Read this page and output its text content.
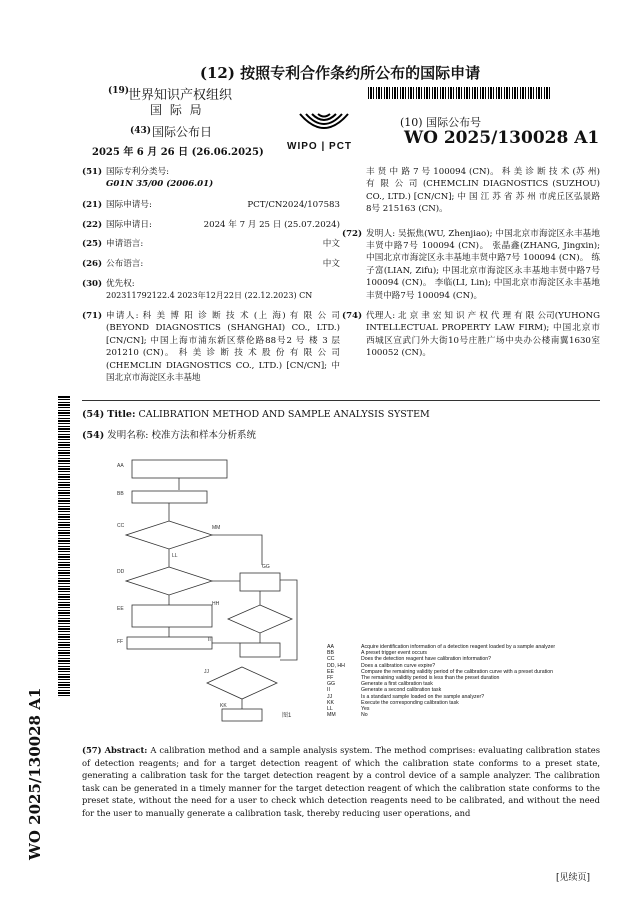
(12) 按照专利合作条约所公布的国际申请
(19)
世界知识产权组织
国 际 局
(43) 国际公布日
2025 年 6 月 26 日 (26.06.2025)
WIPO | PCT
(10) 国际公布号
WO 2025/130028 A1
(51) 国际专利分类号:
G01N 35/00 (2006.01)
(21) 国际申请号:	PCT/CN2024/107583
(22) 国际申请日:	2024 年 7 月 25 日 (25.07.2024)
(25) 申请语言:	中文
(26) 公布语言:	中文
(30) 优先权:
202311792122.4 2023年12月22日 (22.12.2023) CN
(71) 申请人: 科 美 博 阳 诊 断 技 术 (上 海) 有 限 公 司 (BEYOND DIAGNOSTICS (SHANGHAI) CO., LTD.) [CN/CN]; 中国上海市浦东新区蔡伦路88号2 号 楼 3 层 201210 (CN)。 科 美 诊 断 技 术 股 份 有 限 公 司 (CHEMCLIN DIAGNOSTICS CO., LTD.) [CN/CN]; 中国北京市海淀区永丰基地
丰 贤 中 路 7 号 100094 (CN)。 科 美 诊 断 技 术 (苏 州) 有 限 公 司 (CHEMCLIN DIAGNOSTICS (SUZHOU) CO., LTD.) [CN/CN]; 中 国 江 苏 省 苏 州 市虎丘区弘景路8号 215163 (CN)。
(72) 发明人: 吴振焦(WU, Zhenjiao); 中国北京市海淀区永丰基地丰贤中路7号 100094 (CN)。 张晶鑫(ZHANG, Jingxin); 中国北京市海淀区永丰基地丰贤中路7号 100094 (CN)。 练子富(LIAN, Zifu); 中国北京市海淀区永丰基地丰贤中路7号 100094 (CN)。 李临(LI, Lin); 中国北京市海淀区永丰基地丰贤中路7号 100094 (CN)。
(74) 代理人: 北 京 聿 宏 知 识 产 权 代 理 有 限 公司(YUHONG INTELLECTUAL PROPERTY LAW FIRM); 中国北京市西城区宣武门外大街10号庄胜广场中央办公楼南翼1630室 100052 (CN)。
WO 2025/130028 A1
(54) Title: CALIBRATION METHOD AND SAMPLE ANALYSIS SYSTEM
(54) 发明名称: 校准方法和样本分析系统
AA
BB
CC
DD
EE
FF
GG
HH
II
JJ
KK
LL
MM
图1
AA	Acquire identification information of a detection reagent loaded by a sample analyzer
BB	A preset trigger event occurs
CC	Does the detection reagent have calibration information?
DD, HH	Does a calibration curve expire?
EE	Compare the remaining validity period of the calibration curve with a preset duration
FF	The remaining validity period is less than the preset duration
GG	Generate a first calibration task
II	Generate a second calibration task
JJ	Is a standard sample loaded on the sample analyzer?
KK	Execute the corresponding calibration task
LL	Yes
MM	No
(57) Abstract: A calibration method and a sample analysis system. The method comprises: evaluating calibration states of detection reagents; and for a target detection reagent of which the calibration state conforms to a preset state, generating a calibration task for the target detection reagent by a control device of a sample analyzer. The calibration task can be generated in a timely manner for the target detection reagent of which the calibration state conforms to the preset state, without the need for a user to check which detection reagents need to be calibrated, and without the need for the user to manually generate a calibration task, thereby reducing user operations, and
[见续页]
